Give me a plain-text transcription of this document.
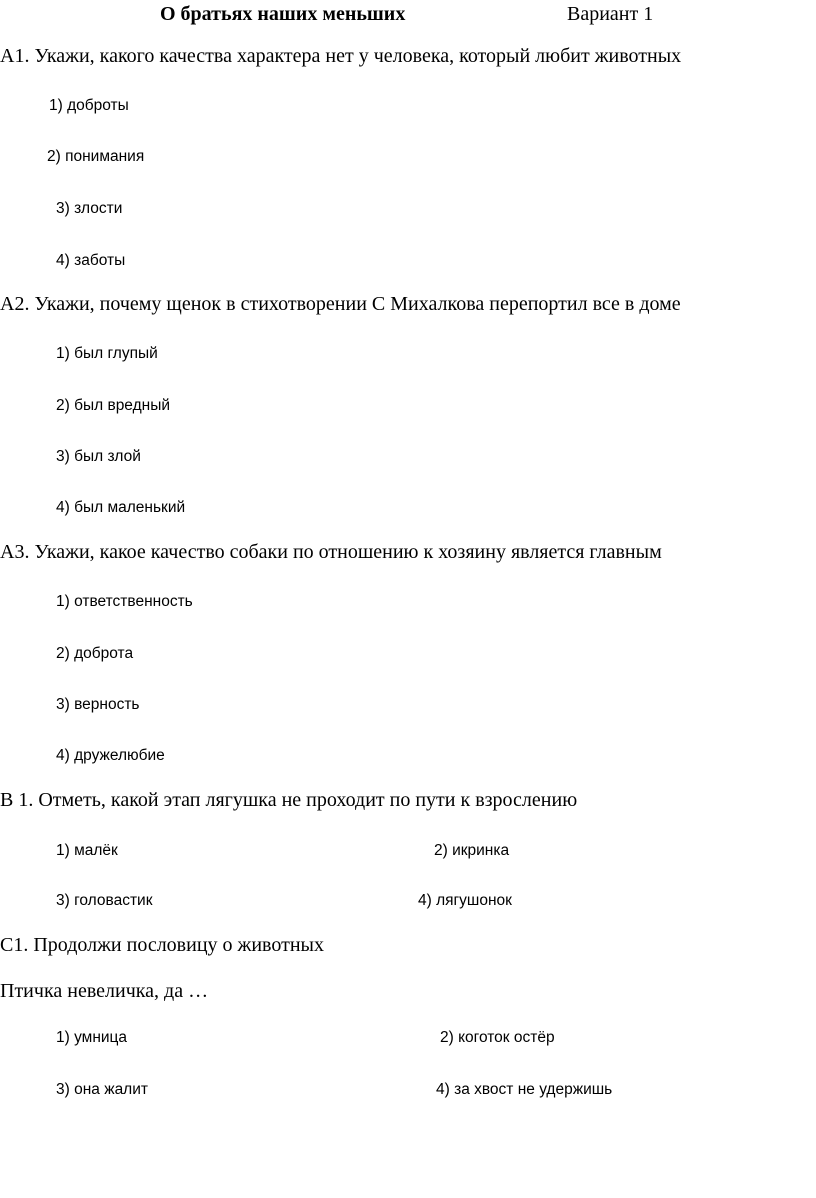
О братьях наших меньших	Вариант 1
А1. Укажи, какого качества характера нет у человека, который любит животных
1) доброты
2) понимания
3) злости
4) заботы
А2. Укажи, почему щенок в стихотворении С Михалкова перепортил все в доме
1) был глупый
2) был вредный
3) был злой
4) был маленький
А3. Укажи, какое качество собаки по отношению к хозяину является главным
1) ответственность
2) доброта
3) верность
4) дружелюбие
В 1. Отметь, какой этап лягушка не проходит по пути к взрослению
1) малёк	2) икринка
3) головастик	4) лягушонок
С1. Продолжи пословицу о животных
Птичка невеличка, да …
1) умница	2) коготок остёр
3) она жалит	4) за хвост не удержишь
